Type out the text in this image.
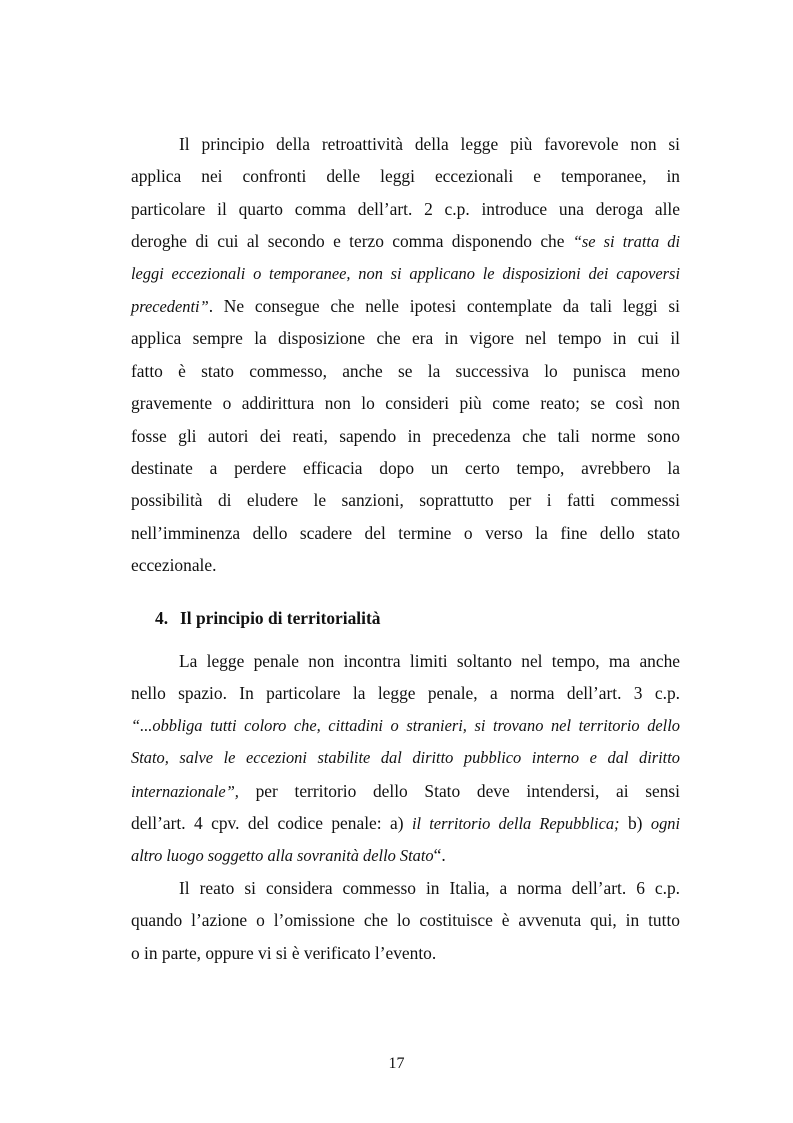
Il principio della retroattività della legge più favorevole non si
applica nei confronti delle leggi eccezionali e temporanee, in
particolare il quarto comma dell’art. 2 c.p. introduce una deroga alle
deroghe di cui al secondo e terzo comma disponendo che “se si tratta di
leggi eccezionali o temporanee, non si applicano le disposizioni dei capoversi
precedenti”. Ne consegue che nelle ipotesi contemplate da tali leggi si
applica sempre la disposizione che era in vigore nel tempo in cui il
fatto è stato commesso, anche se la successiva lo punisca meno
gravemente o addirittura non lo consideri più come reato; se così non
fosse gli autori dei reati, sapendo in precedenza che tali norme sono
destinate a perdere efficacia dopo un certo tempo, avrebbero la
possibilità di eludere le sanzioni, soprattutto per i fatti commessi
nell’imminenza dello scadere del termine o verso la fine dello stato
eccezionale.
4. Il principio di territorialità
La legge penale non incontra limiti soltanto nel tempo, ma anche
nello spazio. In particolare la legge penale, a norma dell’art. 3 c.p.
“...obbliga tutti coloro che, cittadini o stranieri, si trovano nel territorio dello
Stato, salve le eccezioni stabilite dal diritto pubblico interno e dal diritto
internazionale”, per territorio dello Stato deve intendersi, ai sensi
dell’art. 4 cpv. del codice penale: a) il territorio della Repubblica; b) ogni
altro luogo soggetto alla sovranità dello Stato“.
Il reato si considera commesso in Italia, a norma dell’art. 6 c.p.
quando l’azione o l’omissione che lo costituisce è avvenuta qui, in tutto
o in parte, oppure vi si è verificato l’evento.
17
